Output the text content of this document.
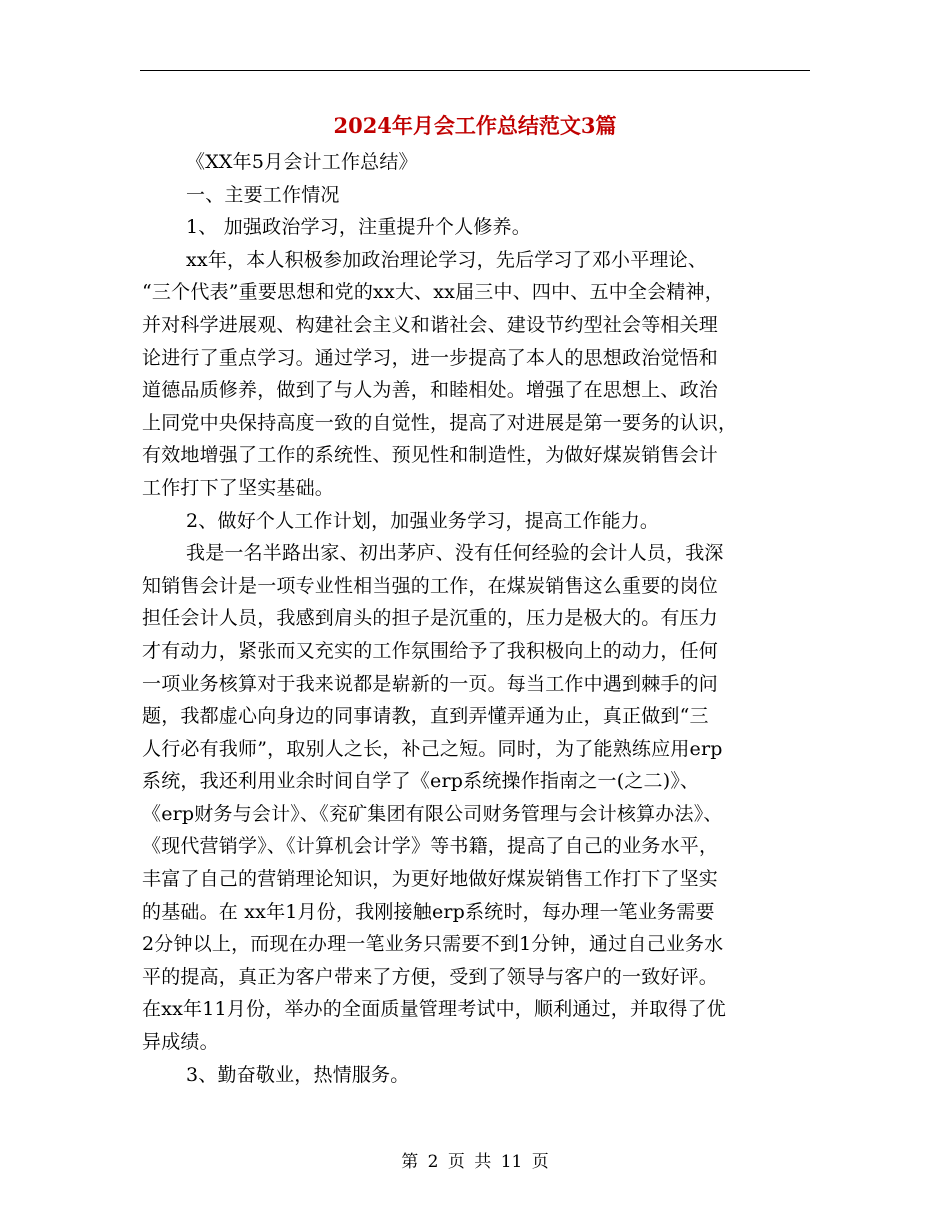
2024年月会工作总结范文3篇
《XX年5月会计工作总结》
一、主要工作情况
1、 加强政治学习，注重提升个人修养。
xx年，本人积极参加政治理论学习，先后学习了邓小平理论、
“三个代表”重要思想和党的xx大、xx届三中、四中、五中全会精神，
并对科学进展观、构建社会主义和谐社会、建设节约型社会等相关理
论进行了重点学习。通过学习，进一步提高了本人的思想政治觉悟和
道德品质修养，做到了与人为善，和睦相处。增强了在思想上、政治
上同党中央保持高度一致的自觉性，提高了对进展是第一要务的认识，
有效地增强了工作的系统性、预见性和制造性，为做好煤炭销售会计
工作打下了坚实基础。
2、做好个人工作计划，加强业务学习，提高工作能力。
我是一名半路出家、初出茅庐、没有任何经验的会计人员，我深
知销售会计是一项专业性相当强的工作，在煤炭销售这么重要的岗位
担任会计人员，我感到肩头的担子是沉重的，压力是极大的。有压力
才有动力，紧张而又充实的工作氛围给予了我积极向上的动力，任何
一项业务核算对于我来说都是崭新的一页。每当工作中遇到棘手的问
题，我都虚心向身边的同事请教，直到弄懂弄通为止，真正做到“三
人行必有我师”，取别人之长，补己之短。同时，为了能熟练应用erp
系统，我还利用业余时间自学了《erp系统操作指南之一(之二)》、
《erp财务与会计》、《兖矿集团有限公司财务管理与会计核算办法》、
《现代营销学》、《计算机会计学》等书籍，提高了自己的业务水平，
丰富了自己的营销理论知识，为更好地做好煤炭销售工作打下了坚实
的基础。在 xx年1月份，我刚接触erp系统时，每办理一笔业务需要
2分钟以上，而现在办理一笔业务只需要不到1分钟，通过自己业务水
平的提高，真正为客户带来了方便，受到了领导与客户的一致好评。
在xx年11月份，举办的全面质量管理考试中，顺利通过，并取得了优
异成绩。
3、勤奋敬业，热情服务。
第 2 页 共 11 页
